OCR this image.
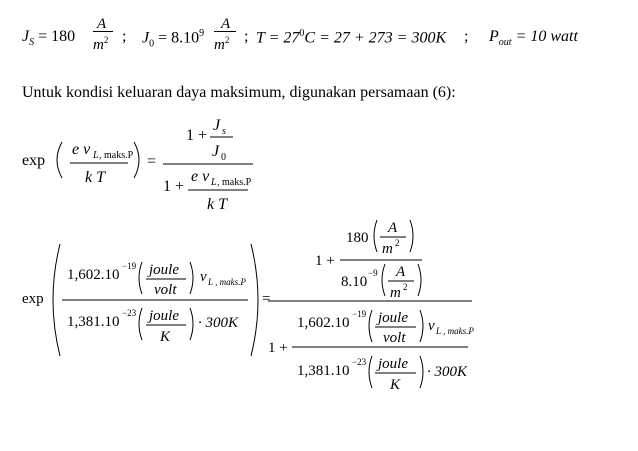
$J_S = 180$
A
$m^2$ ; $J_0 = 8.10^9$
A
$m^2$ ; $T = 27^0C = 27 + 273 = 300K$ ; $P_{out} = 10$ watt
Untuk kondisi keluaran daya maksimum, digunakan persamaan (6):
exp
e v L , maks.P
k T
=
1 +
J s
J 0
1 +
e v L , maks.P
k T
exp
1,602.10
−19 joule
volt
v L , maks.P
1,381.10
−23 joule
K
· 300K
=
1 +
180
A
m 2
8.10
−9 A
m 2
1 +
1,602.10
−19 joule
volt
v L , maks.P
1,381.10
−23 joule
K
· 300K
